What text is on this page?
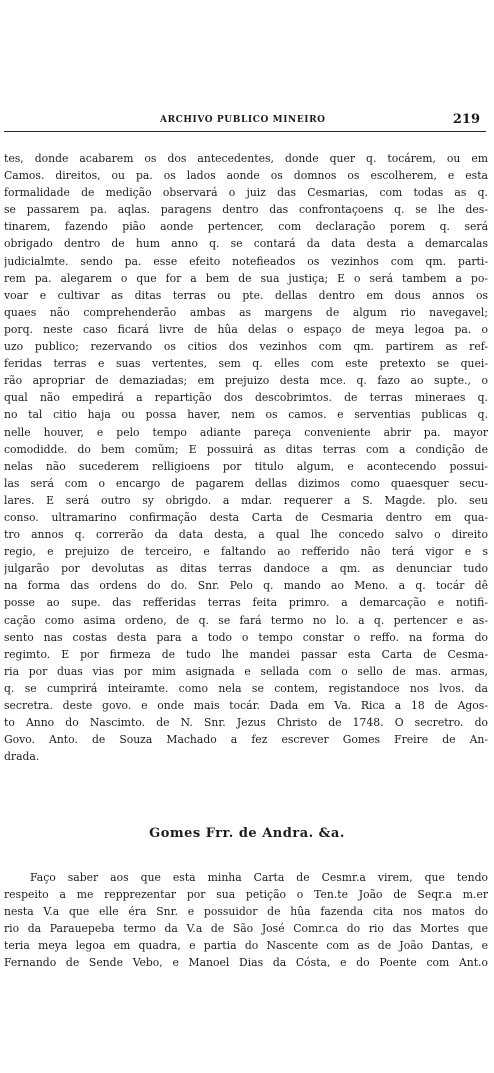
ARCHIVO PUBLICO MINEIRO	219
tes, donde acabarem os dos antecedentes, donde quer q. tocárem, ou em
Camos. direitos, ou pa. os lados aonde os domnos os escolherem, e esta
formalidade de medição observará o juiz das Cesmarias, com todas as q.
se passarem pa. aqlas. paragens dentro das confrontaçoens q. se lhe des-
tinarem, fazendo pião aonde pertencer, com declaração porem q. será
obrigado dentro de hum anno q. se contará da data desta a demarcalas
judicialmte. sendo pa. esse efeito notefieados os vezinhos com qm. parti-
rem pa. alegarem o que for a bem de sua justiça; E o será tambem a po-
voar e cultivar as ditas terras ou pte. dellas dentro em dous annos os
quaes não comprehenderão ambas as margens de algum rio navegavel;
porq. neste caso ficará livre de hûa delas o espaço de meya legoa pa. o
uzo publico; rezervando os citios dos vezinhos com qm. partirem as ref-
feridas terras e suas vertentes, sem q. elles com este pretexto se quei-
rão apropriar de demaziadas; em prejuizo desta mce. q. fazo ao supte., o
qual não empedirá a repartição dos descobrimtos. de terras mineraes q.
no tal citio haja ou possa haver, nem os camos. e serventias publicas q.
nelle houver, e pelo tempo adiante pareça conveniente abrir pa. mayor
comodidde. do bem comũm; E possuirá as ditas terras com a condição de
nelas não sucederem relligioens por titulo algum, e acontecendo possui-
las será com o encargo de pagarem dellas dizimos como quaesquer secu-
lares. E será outro sy obrigdo. a mdar. requerer a S. Magde. plo. seu
conso. ultramarino confirmação desta Carta de Cesmaria dentro em qua-
tro annos q. correrão da data desta, a qual lhe concedo salvo o direito
regio, e prejuizo de terceiro, e faltando ao refferido não terá vigor e s
julgarão por devolutas as ditas terras dandoce a qm. as denunciar tudo
na forma das ordens do do. Snr. Pelo q. mando ao Meno. a q. tocár dê
posse ao supe. das refferidas terras feita primro. a demarcação e notifi-
cação como asima ordeno, de q. se fará termo no lo. a q. pertencer e as-
sento nas costas desta para a todo o tempo constar o reffo. na forma do
regimto. E por firmeza de tudo lhe mandei passar esta Carta de Cesma-
ria por duas vias por mim asignada e sellada com o sello de mas. armas,
q. se cumprirá inteiramte. como nela se contem, registandoce nos lvos. da
secretra. deste govo. e onde mais tocár. Dada em Va. Rica a 18 de Agos-
to Anno do Nascimto. de N. Snr. Jezus Christo de 1748. O secretro. do
Govo. Anto. de Souza Machado a fez escrever Gomes Freire de An-
drada.
Gomes Frr. de Andra. &a.
Faço saber aos que esta minha Carta de Cesmr.a virem, que tendo
respeito a me repprezentar por sua petição o Ten.te João de Seqr.a m.er
nesta V.a que elle éra Snr. e possuidor de hûa fazenda cita nos matos do
rio da Parauepeba termo da V.a de São José Comr.ca do rio das Mortes que
teria meya legoa em quadra, e partia do Nascente com as de João Dantas, e
Fernando de Sende Vebo, e Manoel Dias da Cósta, e do Poente com Ant.o
